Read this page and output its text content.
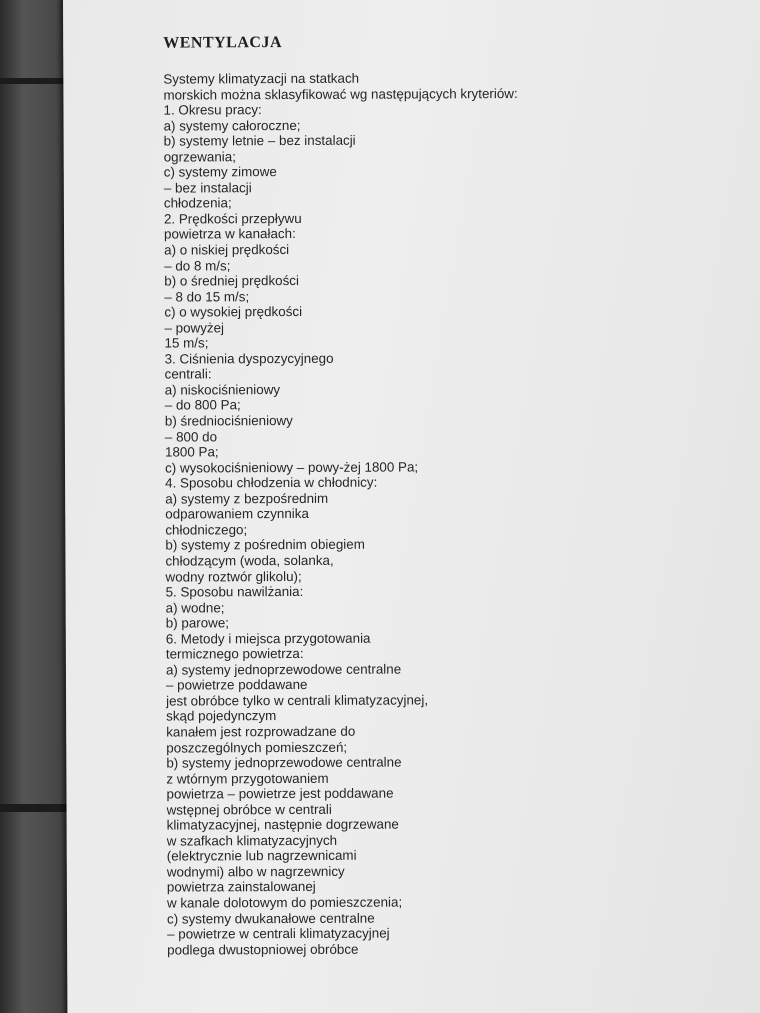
WENTYLACJA
Systemy klimatyzacji na statkach
morskich można sklasyfikować wg następujących kryteriów:
1. Okresu pracy:
a) systemy całoroczne;
b) systemy letnie – bez instalacji
ogrzewania;
c) systemy zimowe
– bez instalacji
chłodzenia;
2. Prędkości przepływu
powietrza w kanałach:
a) o niskiej prędkości
– do 8 m/s;
b) o średniej prędkości
– 8 do 15 m/s;
c) o wysokiej prędkości
– powyżej
15 m/s;
3. Ciśnienia dyspozycyjnego
centrali:
a) niskociśnieniowy
– do 800 Pa;
b) średniociśnieniowy
– 800 do
1800 Pa;
c) wysokociśnieniowy – powy-żej 1800 Pa;
4. Sposobu chłodzenia w chłodnicy:
a) systemy z bezpośrednim
odparowaniem czynnika
chłodniczego;
b) systemy z pośrednim obiegiem
chłodzącym (woda, solanka,
wodny roztwór glikolu);
5. Sposobu nawilżania:
a) wodne;
b) parowe;
6. Metody i miejsca przygotowania
termicznego powietrza:
a) systemy jednoprzewodowe centralne
– powietrze poddawane
jest obróbce tylko w centrali klimatyzacyjnej,
skąd pojedynczym
kanałem jest rozprowadzane do
poszczególnych pomieszczeń;
b) systemy jednoprzewodowe centralne
z wtórnym przygotowaniem
powietrza – powietrze jest poddawane
wstępnej obróbce w centrali
klimatyzacyjnej, następnie dogrzewane
w szafkach klimatyzacyjnych
(elektrycznie lub nagrzewnicami
wodnymi) albo w nagrzewnicy
powietrza zainstalowanej
w kanale dolotowym do pomieszczenia;
c) systemy dwukanałowe centralne
– powietrze w centrali klimatyzacyjnej
podlega dwustopniowej obróbce
